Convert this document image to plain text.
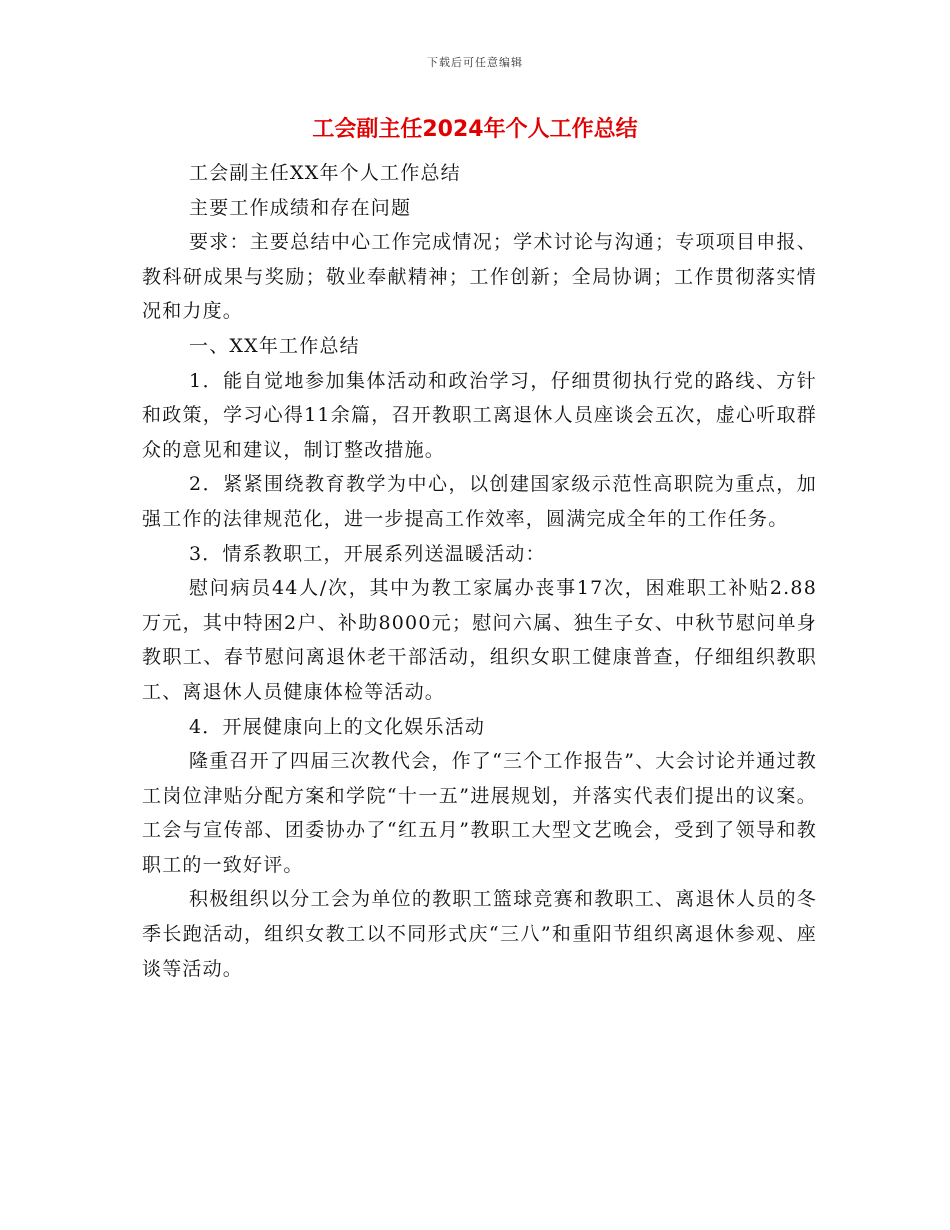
下载后可任意编辑
工会副主任2024年个人工作总结

工会副主任XX年个人工作总结

主要工作成绩和存在问题

要求：主要总结中心工作完成情况；学术讨论与沟通；专项项目申报、教科研成果与奖励；敬业奉献精神；工作创新；全局协调；工作贯彻落实情况和力度。

一、XX年工作总结

1．能自觉地参加集体活动和政治学习，仔细贯彻执行党的路线、方针和政策，学习心得11余篇，召开教职工离退休人员座谈会五次，虚心听取群众的意见和建议，制订整改措施。

2．紧紧围绕教育教学为中心，以创建国家级示范性高职院为重点，加强工作的法律规范化，进一步提高工作效率，圆满完成全年的工作任务。

3．情系教职工，开展系列送温暖活动：

慰问病员44人/次，其中为教工家属办丧事17次，困难职工补贴2.88万元，其中特困2户、补助8000元；慰问六属、独生子女、中秋节慰问单身教职工、春节慰问离退休老干部活动，组织女职工健康普查，仔细组织教职工、离退休人员健康体检等活动。

4．开展健康向上的文化娱乐活动

隆重召开了四届三次教代会，作了“三个工作报告”、大会讨论并通过教工岗位津贴分配方案和学院“十一五”进展规划，并落实代表们提出的议案。工会与宣传部、团委协办了“红五月”教职工大型文艺晚会，受到了领导和教职工的一致好评。

积极组织以分工会为单位的教职工篮球竞赛和教职工、离退休人员的冬季长跑活动，组织女教工以不同形式庆“三八”和重阳节组织离退休参观、座谈等活动。
